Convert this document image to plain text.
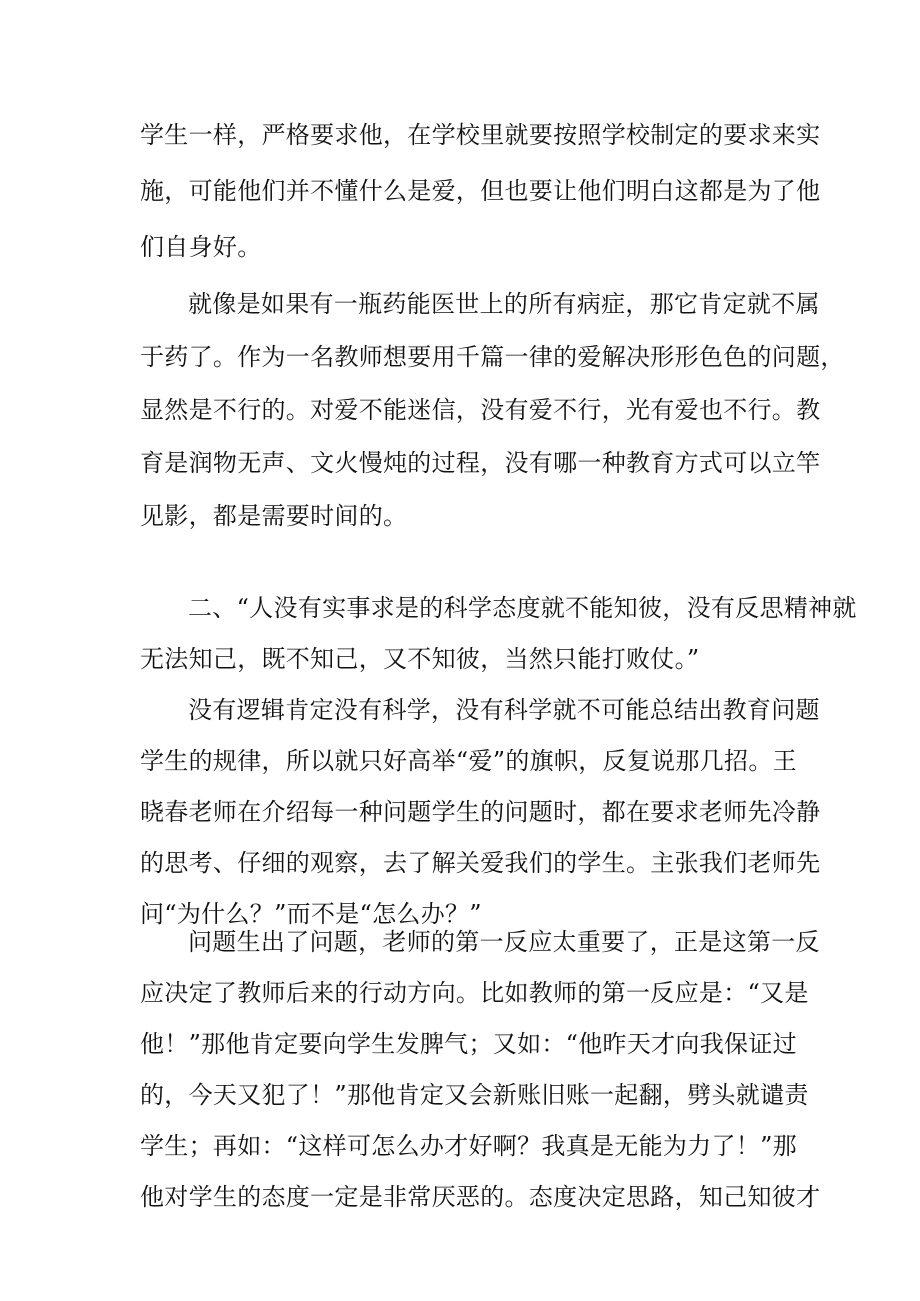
学生一样，严格要求他，在学校里就要按照学校制定的要求来实
施，可能他们并不懂什么是爱，但也要让他们明白这都是为了他
们自身好。
就像是如果有一瓶药能医世上的所有病症，那它肯定就不属
于药了。作为一名教师想要用千篇一律的爱解决形形色色的问题，
显然是不行的。对爱不能迷信，没有爱不行，光有爱也不行。教
育是润物无声、文火慢炖的过程，没有哪一种教育方式可以立竿
见影，都是需要时间的。
二、“人没有实事求是的科学态度就不能知彼，没有反思精神就
无法知己，既不知己，又不知彼，当然只能打败仗。”
没有逻辑肯定没有科学，没有科学就不可能总结出教育问题
学生的规律，所以就只好高举“爱”的旗帜，反复说那几招。王
晓春老师在介绍每一种问题学生的问题时，都在要求老师先冷静
的思考、仔细的观察，去了解关爱我们的学生。主张我们老师先
问“为什么？”而不是“怎么办？”
问题生出了问题，老师的第一反应太重要了，正是这第一反
应决定了教师后来的行动方向。比如教师的第一反应是：“又是
他！”那他肯定要向学生发脾气；又如：“他昨天才向我保证过
的，今天又犯了！”那他肯定又会新账旧账一起翻，劈头就谴责
学生；再如：“这样可怎么办才好啊？我真是无能为力了！”那
他对学生的态度一定是非常厌恶的。态度决定思路，知己知彼才
